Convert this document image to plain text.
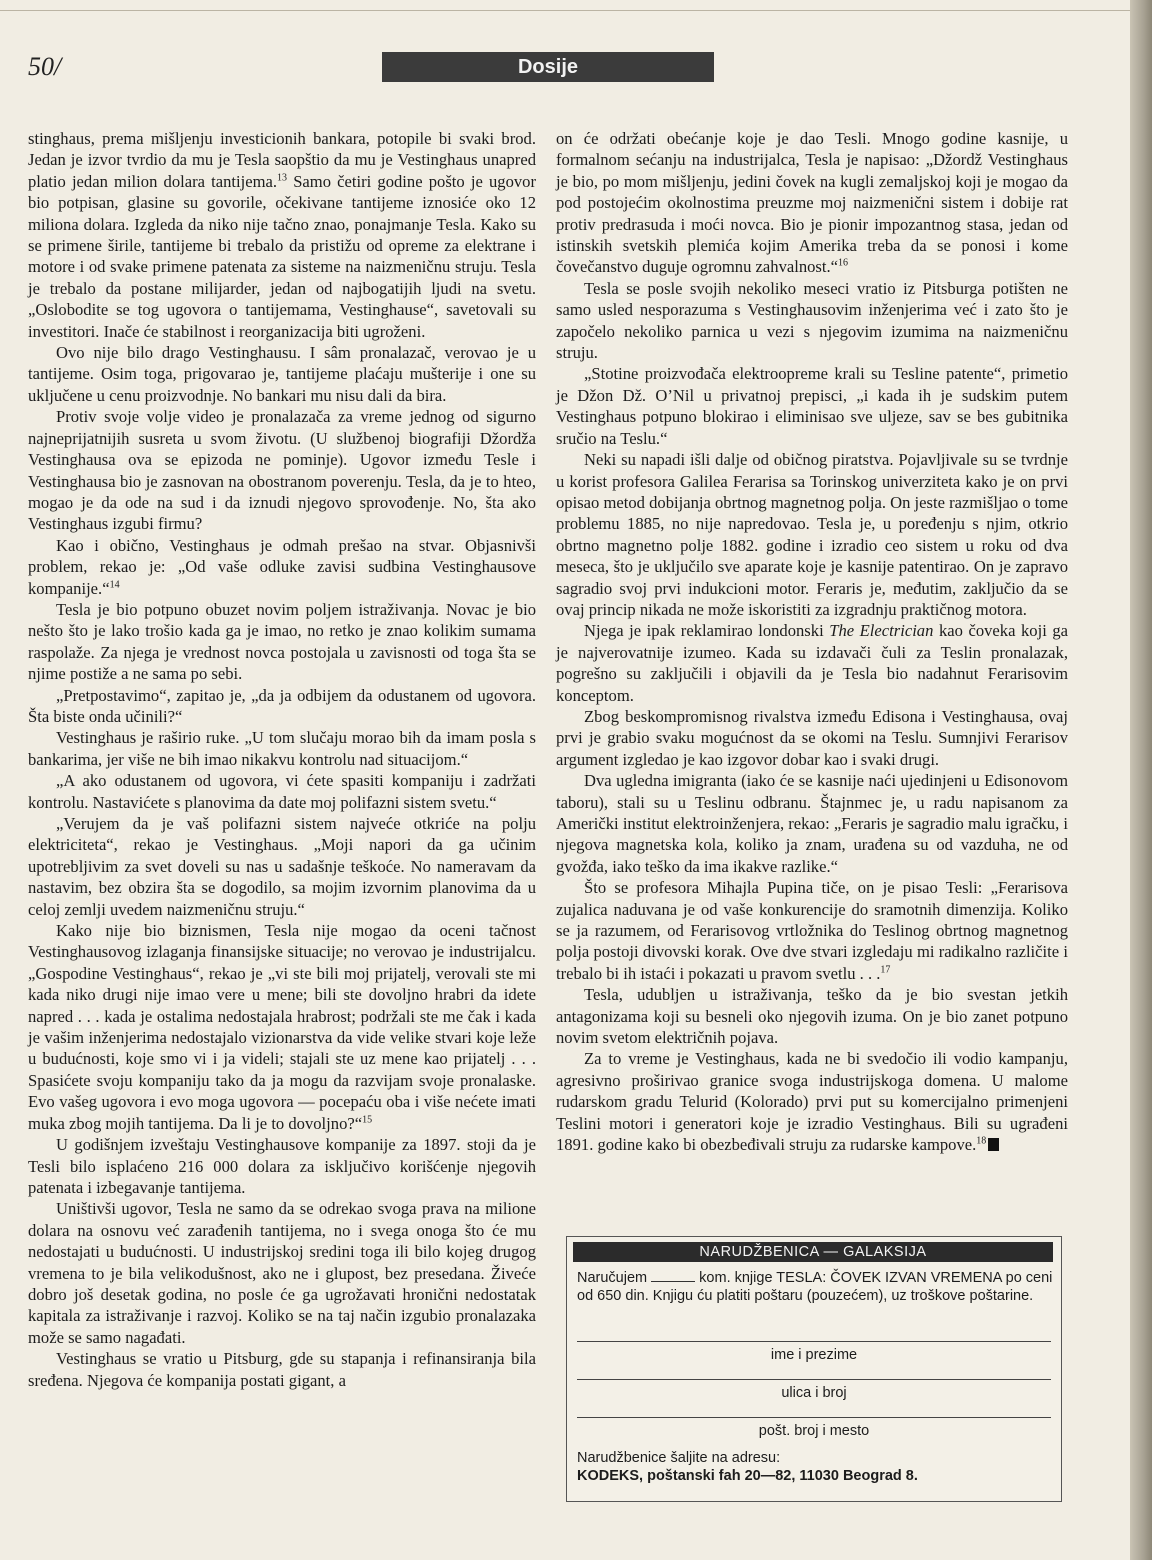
50/	Dosije

stinghaus, prema mišljenju investicionih bankara, potopile bi svaki brod. Jedan je izvor tvrdio da mu je Tesla saopštio da mu je Vestinghaus unapred platio jedan milion dolara tantijema.$^{13}$ Samo četiri godine pošto je ugovor bio potpisan, glasine su govorile, očekivane tantijeme iznosiće oko 12 miliona dolara. Izgleda da niko nije tačno znao, ponajmanje Tesla. Kako su se primene širile, tantijeme bi trebalo da pristižu od opreme za elektrane i motore i od svake primene patenata za sisteme na naizmeničnu struju. Tesla je trebalo da postane milijarder, jedan od najbogatijih ljudi na svetu. „Oslobodite se tog ugovora o tantijemama, Vestinghause“, savetovali su investitori. Inače će stabilnost i reorganizacija biti ugroženi.

Ovo nije bilo drago Vestinghausu. I sâm pronalazač, verovao je u tantijeme. Osim toga, prigovarao je, tantijeme plaćaju mušterije i one su uključene u cenu proizvodnje. No bankari mu nisu dali da bira.

Protiv svoje volje video je pronalazača za vreme jednog od sigurno najneprijatnijih susreta u svom životu. (U službenoj biografiji Džordža Vestinghausa ova se epizoda ne pominje). Ugovor između Tesle i Vestinghausa bio je zasnovan na obostranom poverenju. Tesla, da je to hteo, mogao je da ode na sud i da iznudi njegovo sprovođenje. No, šta ako Vestinghaus izgubi firmu?

Kao i obično, Vestinghaus je odmah prešao na stvar. Objasnivši problem, rekao je: „Od vaše odluke zavisi sudbina Vestinghausove kompanije.“$^{14}$

Tesla je bio potpuno obuzet novim poljem istraživanja. Novac je bio nešto što je lako trošio kada ga je imao, no retko je znao kolikim sumama raspolaže. Za njega je vrednost novca postojala u zavisnosti od toga šta se njime postiže a ne sama po sebi.

„Pretpostavimo“, zapitao je, „da ja odbijem da odustanem od ugovora. Šta biste onda učinili?“

Vestinghaus je raširio ruke. „U tom slučaju morao bih da imam posla s bankarima, jer više ne bih imao nikakvu kontrolu nad situacijom.“

„A ako odustanem od ugovora, vi ćete spasiti kompaniju i zadržati kontrolu. Nastavićete s planovima da date moj polifazni sistem svetu.“

„Verujem da je vaš polifazni sistem najveće otkriće na polju elektriciteta“, rekao je Vestinghaus. „Moji napori da ga učinim upotrebljivim za svet doveli su nas u sadašnje teškoće. No nameravam da nastavim, bez obzira šta se dogodilo, sa mojim izvornim planovima da u celoj zemlji uvedem naizmeničnu struju.“

Kako nije bio biznismen, Tesla nije mogao da oceni tačnost Vestinghausovog izlaganja finansijske situacije; no verovao je industrijalcu. „Gospodine Vestinghaus“, rekao je „vi ste bili moj prijatelj, verovali ste mi kada niko drugi nije imao vere u mene; bili ste dovoljno hrabri da idete napred . . . kada je ostalima nedostajala hrabrost; podržali ste me čak i kada je vašim inženjerima nedostajalo vizionarstva da vide velike stvari koje leže u budućnosti, koje smo vi i ja videli; stajali ste uz mene kao prijatelj . . . Spasićete svoju kompaniju tako da ja mogu da razvijam svoje pronalaske. Evo vašeg ugovora i evo moga ugovora — pocepaću oba i više nećete imati muka zbog mojih tantijema. Da li je to dovoljno?“$^{15}$

U godišnjem izveštaju Vestinghausove kompanije za 1897. stoji da je Tesli bilo isplaćeno 216 000 dolara za isključivo korišćenje njegovih patenata i izbegavanje tantijema.

Uništivši ugovor, Tesla ne samo da se odrekao svoga prava na milione dolara na osnovu već zarađenih tantijema, no i svega onoga što će mu nedostajati u budućnosti. U industrijskoj sredini toga ili bilo kojeg drugog vremena to je bila velikodušnost, ako ne i glupost, bez presedana. Živeće dobro još desetak godina, no posle će ga ugrožavati hronični nedostatak kapitala za istraživanje i razvoj. Koliko se na taj način izgubio pronalazaka može se samo nagađati.

Vestinghaus se vratio u Pitsburg, gde su stapanja i refinansiranja bila sređena. Njegova će kompanija postati gigant, a

on će održati obećanje koje je dao Tesli. Mnogo godine kasnije, u formalnom sećanju na industrijalca, Tesla je napisao: „Džordž Vestinghaus je bio, po mom mišljenju, jedini čovek na kugli zemaljskoj koji je mogao da pod postojećim okolnostima preuzme moj naizmenični sistem i dobije rat protiv predrasuda i moći novca. Bio je pionir impozantnog stasa, jedan od istinskih svetskih plemića kojim Amerika treba da se ponosi i kome čovečanstvo duguje ogromnu zahvalnost.“$^{16}$

Tesla se posle svojih nekoliko meseci vratio iz Pitsburga potišten ne samo usled nesporazuma s Vestinghausovim inženjerima već i zato što je započelo nekoliko parnica u vezi s njegovim izumima na naizmeničnu struju.

„Stotine proizvođača elektroopreme krali su Tesline patente“, primetio je Džon Dž. O’Nil u privatnoj prepisci, „i kada ih je sudskim putem Vestinghaus potpuno blokirao i eliminisao sve uljeze, sav se bes gubitnika sručio na Teslu.“

Neki su napadi išli dalje od običnog piratstva. Pojavljivale su se tvrdnje u korist profesora Galilea Ferarisa sa Torinskog univerziteta kako je on prvi opisao metod dobijanja obrtnog magnetnog polja. On jeste razmišljao o tome problemu 1885, no nije napredovao. Tesla je, u poređenju s njim, otkrio obrtno magnetno polje 1882. godine i izradio ceo sistem u roku od dva meseca, što je uključilo sve aparate koje je kasnije patentirao. On je zapravo sagradio svoj prvi indukcioni motor. Feraris je, međutim, zaključio da se ovaj princip nikada ne može iskoristiti za izgradnju praktičnog motora.

Njega je ipak reklamirao londonski The Electrician kao čoveka koji ga je najverovatnije izumeo. Kada su izdavači čuli za Teslin pronalazak, pogrešno su zaključili i objavili da je Tesla bio nadahnut Ferarisovim konceptom.

Zbog beskompromisnog rivalstva između Edisona i Vestinghausa, ovaj prvi je grabio svaku mogućnost da se okomi na Teslu. Sumnjivi Ferarisov argument izgledao je kao izgovor dobar kao i svaki drugi.

Dva ugledna imigranta (iako će se kasnije naći ujedinjeni u Edisonovom taboru), stali su u Teslinu odbranu. Štajnmec je, u radu napisanom za Američki institut elektroinženjera, rekao: „Feraris je sagradio malu igračku, i njegova magnetska kola, koliko ja znam, urađena su od vazduha, ne od gvožđa, iako teško da ima ikakve razlike.“

Što se profesora Mihajla Pupina tiče, on je pisao Tesli: „Ferarisova zujalica naduvana je od vaše konkurencije do sramotnih dimenzija. Koliko se ja razumem, od Ferarisovog vrtložnika do Teslinog obrtnog magnetnog polja postoji divovski korak. Ove dve stvari izgledaju mi radikalno različite i trebalo bi ih istaći i pokazati u pravom svetlu . . .$^{17}$

Tesla, udubljen u istraživanja, teško da je bio svestan jetkih antagonizama koji su besneli oko njegovih izuma. On je bio zanet potpuno novim svetom električnih pojava.

Za to vreme je Vestinghaus, kada ne bi svedočio ili vodio kampanju, agresivno proširivao granice svoga industrijskoga domena. U malome rudarskom gradu Telurid (Kolorado) prvi put su komercijalno primenjeni Teslini motori i generatori koje je izradio Vestinghaus. Bili su ugrađeni 1891. godine kako bi obezbeđivali struju za rudarske kampove.$^{18}$

NARUDŽBENICA — GALAKSIJA
Naručujem	kom. knjige TESLA: ČOVEK IZVAN VREMENA po ceni od 650 din. Knjigu ću platiti poštaru (pouzećem), uz troškove poštarine.
ime i prezime
ulica i broj
pošt. broj i mesto
Narudžbenice šaljite na adresu:
KODEKS, poštanski fah 20—82, 11030 Beograd 8.
